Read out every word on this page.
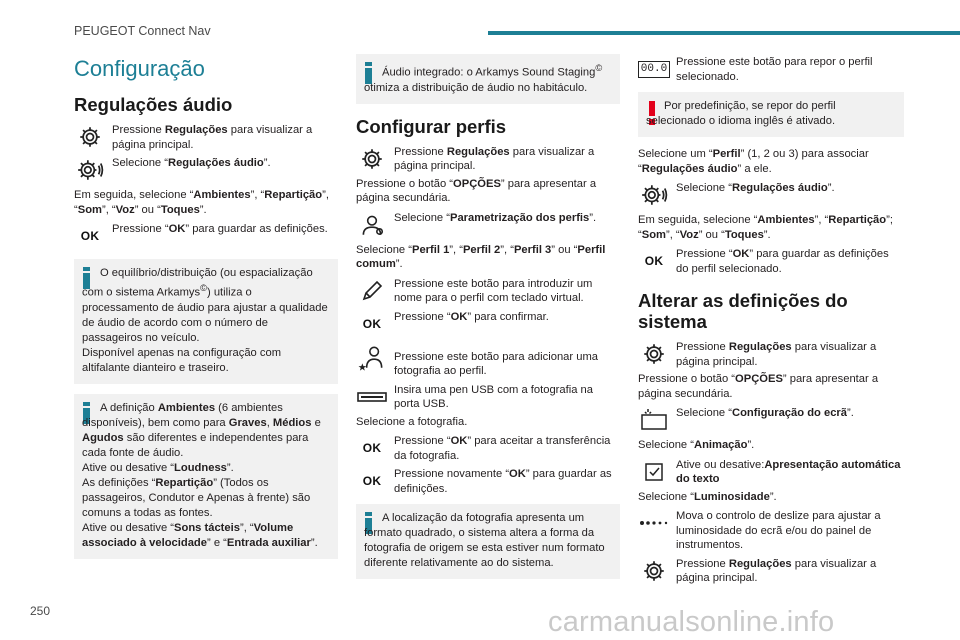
PEUGEOT Connect Nav
Configuração
Regulações áudio
Pressione Regulações para visualizar a página principal.
Selecione “Regulações áudio”.
Em seguida, selecione “Ambientes”, “Repartição”, “Som”, “Voz” ou “Toques”.
OK	Pressione “OK” para guardar as definições.
O equilíbrio/distribuição (ou espacialização com o sistema Arkamys©) utiliza o processamento de áudio para ajustar a qualidade de áudio de acordo com o número de passageiros no veículo.
Disponível apenas na configuração com altifalante dianteiro e traseiro.
A definição Ambientes (6 ambientes disponíveis), bem como para Graves, Médios e Agudos são diferentes e independentes para cada fonte de áudio.
Ative ou desative “Loudness”.
As definições “Repartição” (Todos os passageiros, Condutor e Apenas à frente) são comuns a todas as fontes.
Ative ou desative “Sons tácteis”, “Volume associado à velocidade” e “Entrada auxiliar”.
Áudio integrado: o Arkamys Sound Staging© otimiza a distribuição de áudio no habitáculo.
Configurar perfis
Pressione Regulações para visualizar a página principal.
Pressione o botão “OPÇÕES” para apresentar a página secundária.
Selecione “Parametrização dos perfis”.
Selecione “Perfil 1”, “Perfil 2”, “Perfil 3” ou “Perfil comum”.
Pressione este botão para introduzir um nome para o perfil com teclado virtual.
OK	Pressione “OK” para confirmar.
Pressione este botão para adicionar uma fotografia ao perfil.
Insira uma pen USB com a fotografia na porta USB.
Selecione a fotografia.
OK	Pressione “OK” para aceitar a transferência da fotografia.
OK	Pressione novamente “OK” para guardar as definições.
A localização da fotografia apresenta um formato quadrado, o sistema altera a forma da fotografia de origem se esta estiver num formato diferente relativamente ao do sistema.
00.0
Pressione este botão para repor o perfil selecionado.
Por predefinição, se repor do perfil selecionado o idioma inglês é ativado.
Selecione um “Perfil” (1, 2 ou 3) para associar “Regulações áudio” a ele.
Selecione “Regulações áudio”.
Em seguida, selecione “Ambientes”, “Repartição”; “Som”, “Voz” ou “Toques”.
OK	Pressione “OK” para guardar as definições do perfil selecionado.
Alterar as definições do sistema
Pressione Regulações para visualizar a página principal.
Pressione o botão “OPÇÕES” para apresentar a página secundária.
Selecione “Configuração do ecrã”.
Selecione “Animação”.
Ative ou desative:Apresentação automática do texto
Selecione “Luminosidade”.
Mova o controlo de deslize para ajustar a luminosidade do ecrã e/ou do painel de instrumentos.
Pressione Regulações para visualizar a página principal.
250	carmanualsonline.info
